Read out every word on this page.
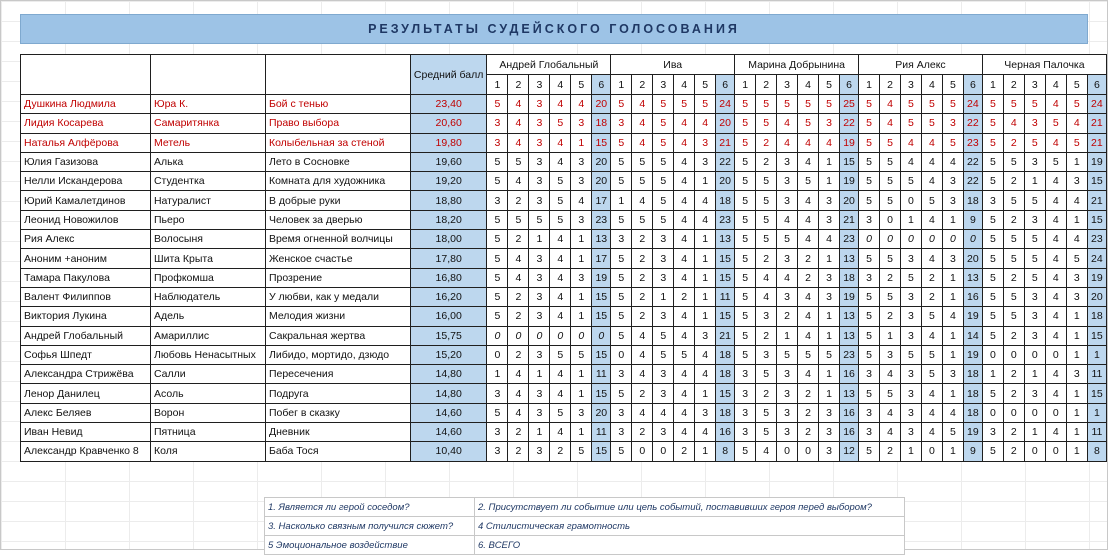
РЕЗУЛЬТАТЫ СУДЕЙСКОГО ГОЛОСОВАНИЯ
			Средний балл	Андрей Глобальный						Ива						Марина Добрынина						Рия Алекс						Черная Палочка					
				1	2	3	4	5	6	1	2	3	4	5	6	1	2	3	4	5	6	1	2	3	4	5	6	1	2	3	4	5	6
Душкина Людмила	Юра К.	Бой с тенью	23,40	5	4	3	4	4	20	5	4	5	5	5	24	5	5	5	5	5	25	5	4	5	5	5	24	5	5	5	4	5	24
Лидия Косарева	Самаритянка	Право выбора	20,60	3	4	3	5	3	18	3	4	5	4	4	20	5	5	4	5	3	22	5	4	5	5	3	22	5	4	3	5	4	21
Наталья Алфёрова	Метель	Колыбельная за стеной	19,80	3	4	3	4	1	15	5	4	5	4	3	21	5	2	4	4	4	19	5	5	4	4	5	23	5	2	5	4	5	21
Юлия Газизова	Алька	Лето в Сосновке	19,60	5	5	3	4	3	20	5	5	5	4	3	22	5	2	3	4	1	15	5	5	4	4	4	22	5	5	3	5	1	19
Нелли Искандерова	Студентка	Комната для художника	19,20	5	4	3	5	3	20	5	5	5	4	1	20	5	5	3	5	1	19	5	5	5	4	3	22	5	2	1	4	3	15
Юрий Камалетдинов	Натуралист	В добрые руки	18,80	3	2	3	5	4	17	1	4	5	4	4	18	5	5	3	4	3	20	5	5	0	5	3	18	3	5	5	4	4	21
Леонид Новожилов	Пьеро	Человек за дверью	18,20	5	5	5	5	3	23	5	5	5	4	4	23	5	5	4	4	3	21	3	0	1	4	1	9	5	2	3	4	1	15
Рия Алекс	Волосыня	Время огненной волчицы	18,00	5	2	1	4	1	13	3	2	3	4	1	13	5	5	5	4	4	23	0	0	0	0	0	0	5	5	5	4	4	23
Аноним +аноним	Шита Крыта	Женское счастье	17,80	5	4	3	4	1	17	5	2	3	4	1	15	5	2	3	2	1	13	5	5	3	4	3	20	5	5	5	4	5	24
Тамара Пакулова	Профкомша	Прозрение	16,80	5	4	3	4	3	19	5	2	3	4	1	15	5	4	4	2	3	18	3	2	5	2	1	13	5	2	5	4	3	19
Валент Филиппов	Наблюдатель	У любви, как у медали	16,20	5	2	3	4	1	15	5	2	1	2	1	11	5	4	3	4	3	19	5	5	3	2	1	16	5	5	3	4	3	20
Виктория Лукина	Адель	Мелодия жизни	16,00	5	2	3	4	1	15	5	2	3	4	1	15	5	3	2	4	1	13	5	2	3	5	4	19	5	5	3	4	1	18
Андрей Глобальный	Амариллис	Сакральная жертва	15,75	0	0	0	0	0	0	5	4	5	4	3	21	5	2	1	4	1	13	5	1	3	4	1	14	5	2	3	4	1	15
Софья Шпедт	Любовь Ненасытных	Либидо, мортидо, дзюдо	15,20	0	2	3	5	5	15	0	4	5	5	4	18	5	3	5	5	5	23	5	3	5	5	1	19	0	0	0	0	1	1
Александра Стрижёва	Салли	Пересечения	14,80	1	4	1	4	1	11	3	4	3	4	4	18	3	5	3	4	1	16	3	4	3	5	3	18	1	2	1	4	3	11
Ленор Данилец	Асоль	Подруга	14,80	3	4	3	4	1	15	5	2	3	4	1	15	3	2	3	2	1	13	5	5	3	4	1	18	5	2	3	4	1	15
Алекс Беляев	Ворон	Побег в сказку	14,60	5	4	3	5	3	20	3	4	4	4	3	18	3	5	3	2	3	16	3	4	3	4	4	18	0	0	0	0	1	1
Иван Невид	Пятница	Дневник	14,60	3	2	1	4	1	11	3	2	3	4	4	16	3	5	3	2	3	16	3	4	3	4	5	19	3	2	1	4	1	11
Александр Кравченко 8	Коля	Баба Тося	10,40	3	2	3	2	5	15	5	0	0	2	1	8	5	4	0	0	3	12	5	2	1	0	1	9	5	2	0	0	1	8
1. Является ли герой соседом?	2. Присутствует ли событие или цепь событий, поставивших героя перед выбором?
3. Насколько связным получился сюжет?	4 Стилистическая грамотность
5 Эмоциональное воздействие	6. ВСЕГО
